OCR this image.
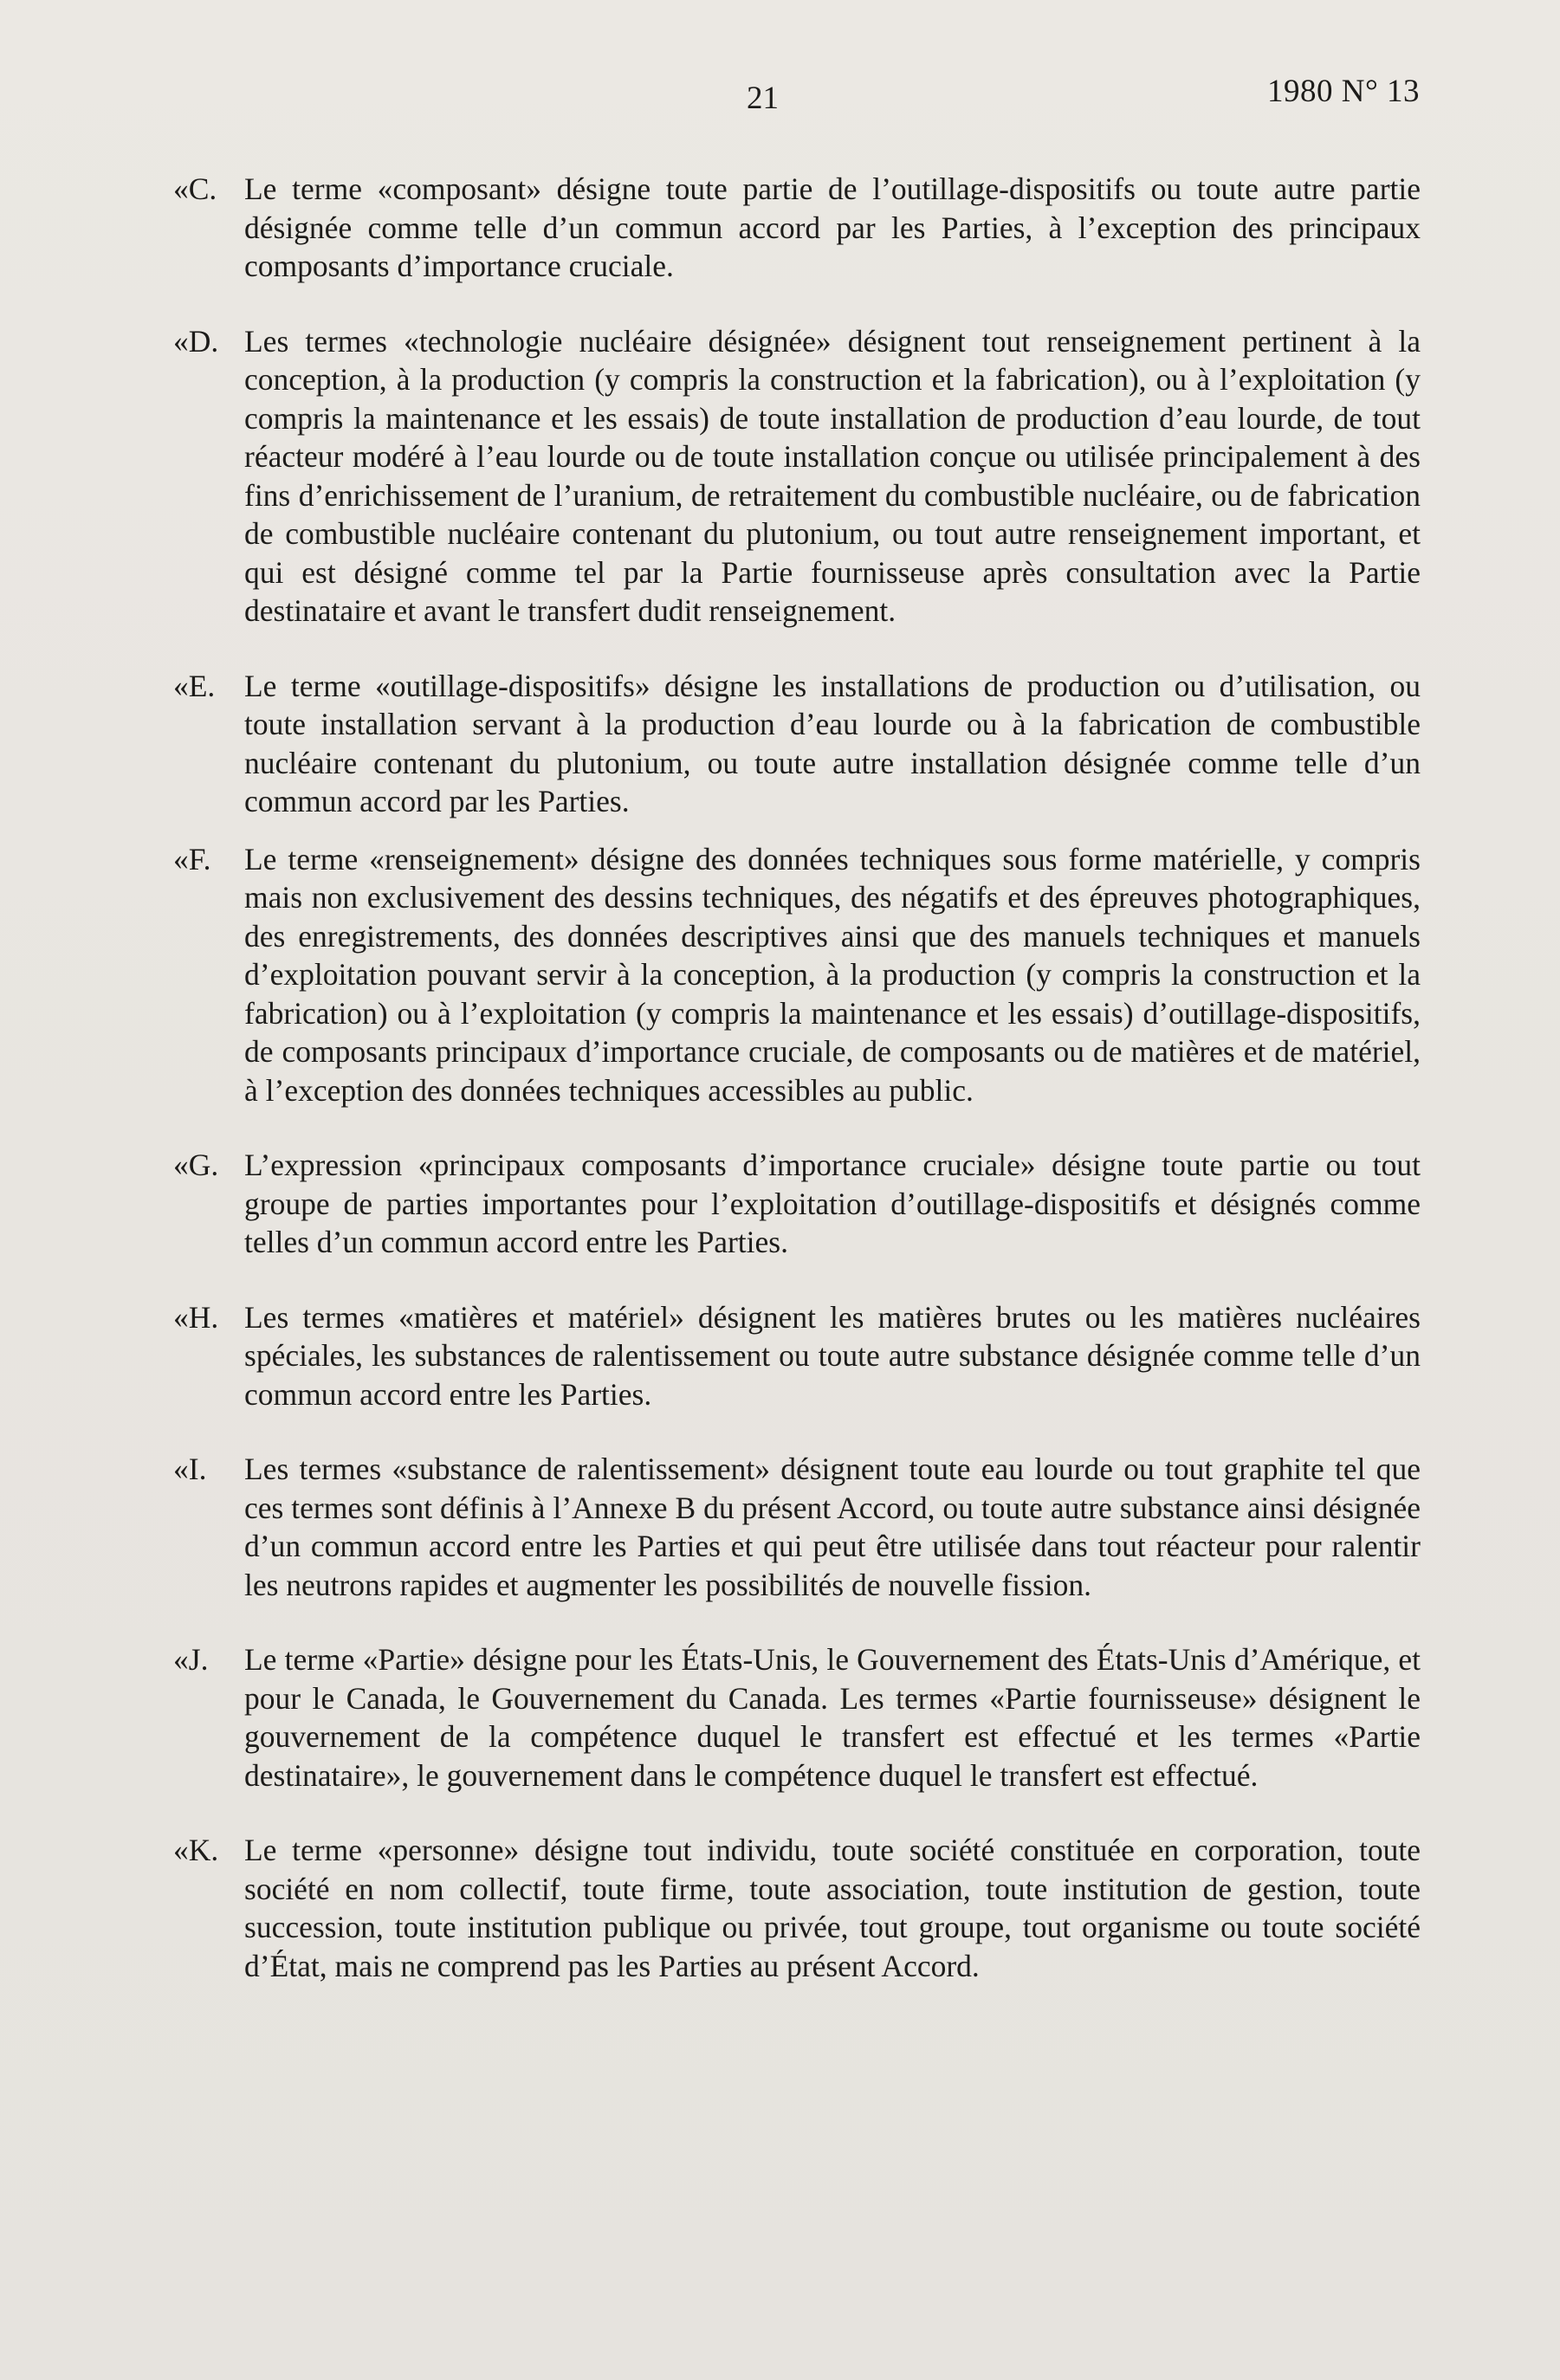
21	1980 N° 13
«C. Le terme «composant» désigne toute partie de l’outillage-dispositifs ou toute autre partie désignée comme telle d’un commun accord par les Parties, à l’exception des principaux composants d’importance cruciale.
«D. Les termes «technologie nucléaire désignée» désignent tout renseignement pertinent à la conception, à la production (y compris la construction et la fabrication), ou à l’exploitation (y compris la maintenance et les essais) de toute installation de production d’eau lourde, de tout réacteur modéré à l’eau lourde ou de toute installation conçue ou utilisée principalement à des fins d’enrichissement de l’uranium, de retraitement du combustible nucléaire, ou de fabrication de combustible nucléaire contenant du plutonium, ou tout autre renseignement important, et qui est désigné comme tel par la Partie fournisseuse après consultation avec la Partie destinataire et avant le transfert dudit renseignement.
«E. Le terme «outillage-dispositifs» désigne les installations de production ou d’utilisation, ou toute installation servant à la production d’eau lourde ou à la fabrication de combustible nucléaire contenant du plutonium, ou toute autre installation désignée comme telle d’un commun accord par les Parties.
«F.	Le terme «renseignement» désigne des données techniques sous forme matérielle, y compris mais non exclusivement des dessins techniques, des négatifs et des épreuves photographiques, des enregistrements, des données descriptives ainsi que des manuels techniques et manuels d’exploitation pouvant servir à la conception, à la production (y compris la construction et la fabrication) ou à l’exploitation (y compris la maintenance et les essais) d’outillage-dispositifs, de composants principaux d’importance cruciale, de composants ou de matières et de matériel, à l’exception des données techniques accessibles au public.
«G. L’expression «principaux composants d’importance cruciale» désigne toute partie ou tout groupe de parties importantes pour l’exploitation d’outillage-dispositifs et désignés comme telles d’un commun accord entre les Parties.
«H. Les termes «matières et matériel» désignent les matières brutes ou les matières nucléaires spéciales, les substances de ralentissement ou toute autre substance désignée comme telle d’un commun accord entre les Parties.
«I.	Les termes «substance de ralentissement» désignent toute eau lourde ou tout graphite tel que ces termes sont définis à l’Annexe B du présent Accord, ou toute autre substance ainsi désignée d’un commun accord entre les Parties et qui peut être utilisée dans tout réacteur pour ralentir les neutrons rapides et augmenter les possibilités de nouvelle fission.
«J.	Le terme «Partie» désigne pour les États-Unis, le Gouvernement des États-Unis d’Amérique, et pour le Canada, le Gouvernement du Canada. Les termes «Partie fournisseuse» désignent le gouvernement de la compétence duquel le transfert est effectué et les termes «Partie destinataire», le gouvernement dans le compétence duquel le transfert est effectué.
«K. Le terme «personne» désigne tout individu, toute société constituée en corporation, toute société en nom collectif, toute firme, toute association, toute institution de gestion, toute succession, toute institution publique ou privée, tout groupe, tout organisme ou toute société d’État, mais ne comprend pas les Parties au présent Accord.
